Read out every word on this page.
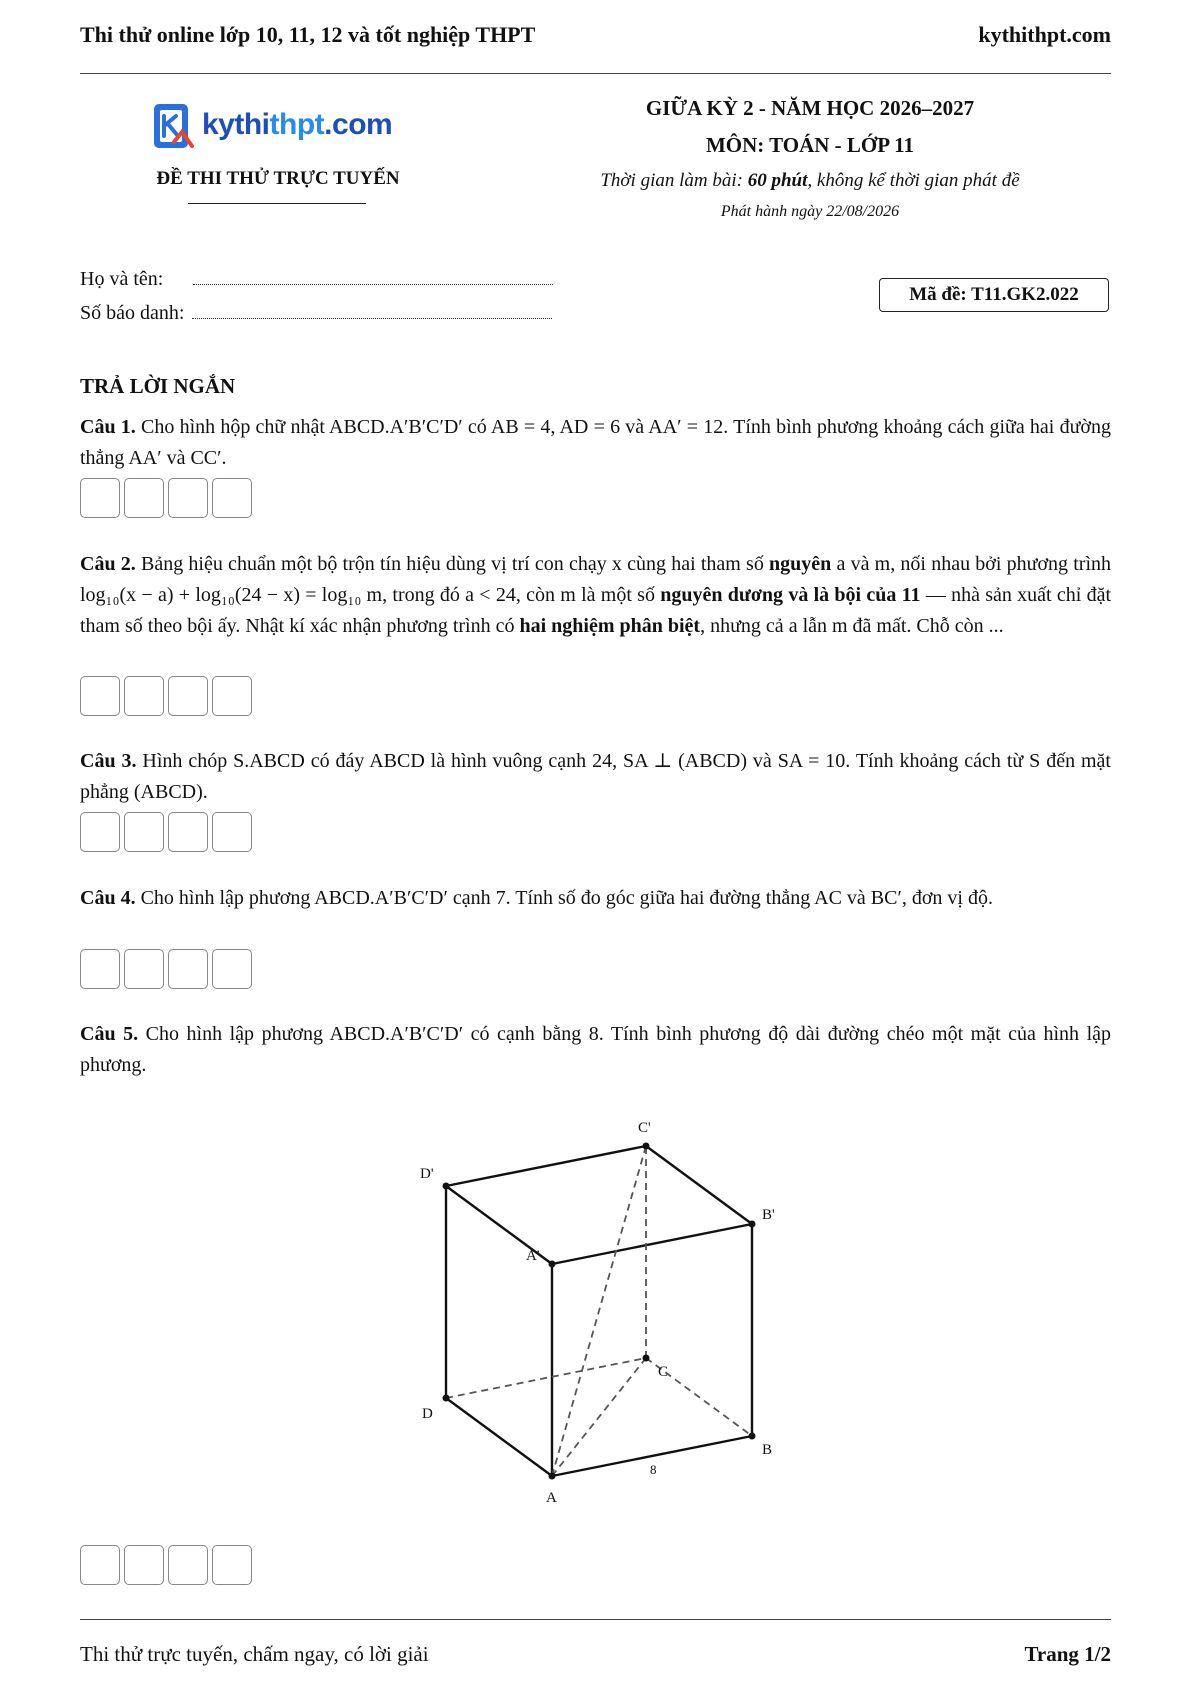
Thi thử online lớp 10, 11, 12 và tốt nghiệp THPT	kythithpt.com
kythithpt.com
ĐỀ THI THỬ TRỰC TUYẾN
GIỮA KỲ 2 - NĂM HỌC 2026–2027
MÔN: TOÁN - LỚP 11
Thời gian làm bài: 60 phút, không kể thời gian phát đề
Phát hành ngày 22/08/2026
Họ và tên:
Số báo danh:
Mã đề: T11.GK2.022
TRẢ LỜI NGẮN
Câu 1. Cho hình hộp chữ nhật ABCD.A′B′C′D′ có AB = 4, AD = 6 và AA′ = 12. Tính bình phương khoảng cách giữa hai đường thẳng AA′ và CC′.
Câu 2. Bảng hiệu chuẩn một bộ trộn tín hiệu dùng vị trí con chạy x cùng hai tham số nguyên a và m, nối nhau bởi phương trình log₁₀(x − a) + log₁₀(24 − x) = log₁₀ m, trong đó a < 24, còn m là một số nguyên dương và là bội của 11 — nhà sản xuất chỉ đặt tham số theo bội ấy. Nhật kí xác nhận phương trình có hai nghiệm phân biệt, nhưng cả a lẫn m đã mất. Chỗ còn ...
Câu 3. Hình chóp S.ABCD có đáy ABCD là hình vuông cạnh 24, SA ⊥ (ABCD) và SA = 10. Tính khoảng cách từ S đến mặt phẳng (ABCD).
Câu 4. Cho hình lập phương ABCD.A′B′C′D′ cạnh 7. Tính số đo góc giữa hai đường thẳng AC và BC′, đơn vị độ.
Câu 5. Cho hình lập phương ABCD.A′B′C′D′ có cạnh bằng 8. Tính bình phương độ dài đường chéo một mặt của hình lập phương.
C'
D'
B'
A'
C
D
B
A
8
Thi thử trực tuyến, chấm ngay, có lời giải	Trang 1/2
